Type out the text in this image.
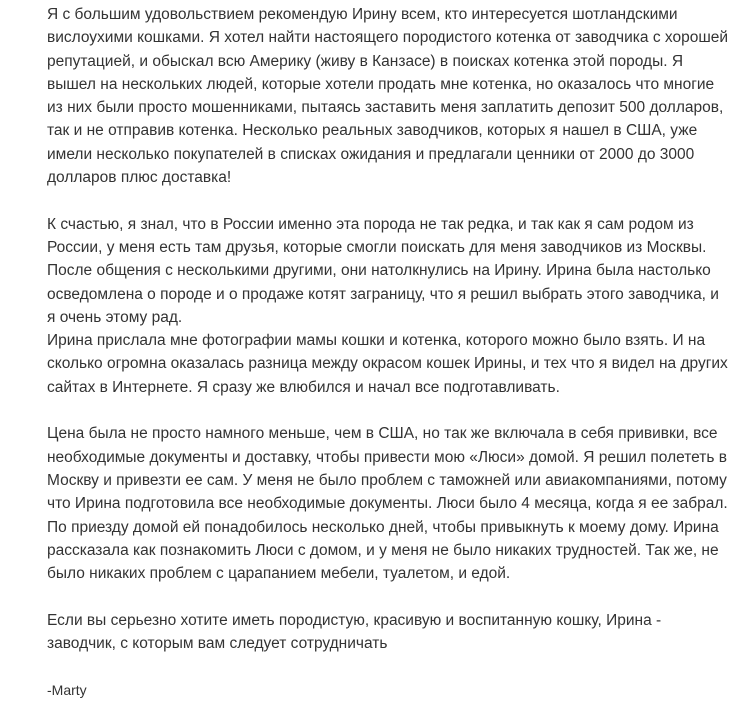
Я с большим удовольствием рекомендую Ирину всем, кто интересуется шотландскими
вислоухими кошками. Я хотел найти настоящего породистого котенка от заводчика с хорошей
репутацией, и обыскал всю Америку (живу в Канзасе) в поисках котенка этой породы. Я
вышел на нескольких людей, которые хотели продать мне котенка, но оказалось что многие
из них были просто мошенниками, пытаясь заставить меня заплатить депозит 500 долларов,
так и не отправив котенка. Несколько реальных заводчиков, которых я нашел в США, уже
имели несколько покупателей в списках ожидания и предлагали ценники от 2000 до 3000
долларов плюс доставка!
К счастью, я знал, что в России именно эта порода не так редка, и так как я сам родом из
России, у меня есть там друзья, которые смогли поискать для меня заводчиков из Москвы.
После общения с несколькими другими, они натолкнулись на Ирину. Ирина была настолько
осведомлена о породе и о продаже котят заграницу, что я решил выбрать этого заводчика, и
я очень этому рад.
Ирина прислала мне фотографии мамы кошки и котенка, которого можно было взять. И на
сколько огромна оказалась разница между окрасом кошек Ирины, и тех что я видел на других
сайтах в Интернете. Я сразу же влюбился и начал все подготавливать.
Цена была не просто намного меньше, чем в США, но так же включала в себя прививки, все
необходимые документы и доставку, чтобы привести мою «Люси» домой. Я решил полететь в
Москву и привезти ее сам. У меня не было проблем с таможней или авиакомпаниями, потому
что Ирина подготовила все необходимые документы. Люси было 4 месяца, когда я ее забрал.
По приезду домой ей понадобилось несколько дней, чтобы привыкнуть к моему дому. Ирина
рассказала как познакомить Люси с домом, и у меня не было никаких трудностей. Так же, не
было никаких проблем с царапанием мебели, туалетом, и едой.
Если вы серьезно хотите иметь породистую, красивую и воспитанную кошку, Ирина -
заводчик, с которым вам следует сотрудничать
-Marty
